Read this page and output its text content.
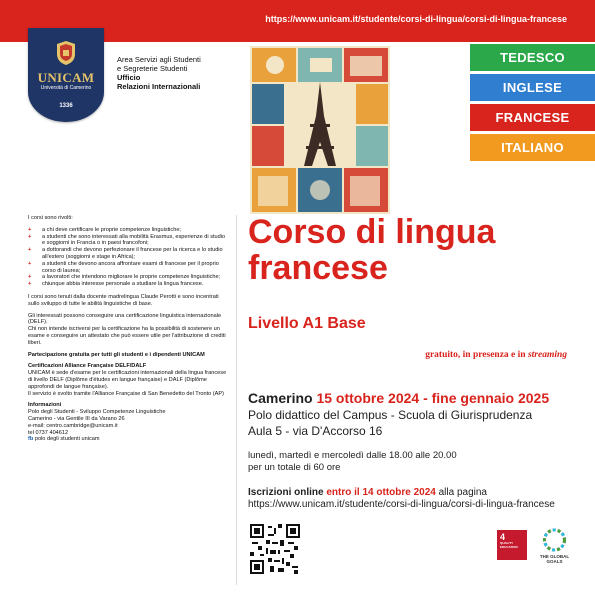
https://www.unicam.it/studente/corsi-di-lingua/corsi-di-lingua-francese
UNICAM
Università di Camerino
1336
Area Servizi agli Studenti
e Segreterie Studenti
Ufficio
Relazioni Internazionali
TEDESCO
INGLESE
FRANCESE
ITALIANO

I corsi sono rivolti:

+ a chi deve certificare le proprie competenze linguistiche;
+ a studenti che sono interessati alla mobilità Erasmus, esperienze di studio e soggiorni in Francia o in paesi francofoni;
+ a dottorandi che devono perfezionare il francese per la ricerca e lo studio all'estero (soggiorni e stage in Africa);
+ a studenti che devono ancora affrontare esami di francese per il proprio corso di laurea;
+ a lavoratori che intendono migliorare le proprie competenze linguistiche;
+ chiunque abbia interesse personale a studiare la lingua francese.

I corsi sono tenuti dalla docente madrelingua Claude Perotti e sono incentrati sullo sviluppo di tutte le abilità linguistiche di base.

Gli interessati possono conseguire una certificazione linguistica internazionale (DELF).

Chi non intende iscriversi per la certificazione ha la possibilità di sostenere un esame e conseguire un attestato che può essere utile per l'attribuzione di crediti liberi.

Partecipazione gratuita per tutti gli studenti e i dipendenti UNICAM

Certificazioni Alliance Française DELF/DALF

UNICAM è sede d'esame per le certificazioni internazionali della lingua francese di livello DELF (Diplôme d'études en langue française) e DALF (Diplôme approfondi de langue française).

Il servizio è svolto tramite l'Alliance Française di San Benedetto del Tronto (AP)

Informazioni

Polo degli Studenti - Sviluppo Competenze Linguistiche
Camerino - via Gentile III da Varano 26
e-mail: centro.cambridge@unicam.it
tel 0737 404612
fb polo degli studenti unicam
Corso di lingua
francese
Livello A1 Base
gratuito, in presenza e in streaming
Camerino 15 ottobre 2024 - fine gennaio 2025
Polo didattico del Campus - Scuola di Giurisprudenza
Aula 5 - via D'Accorso 16
lunedì, martedì e mercoledì dalle 18.00 alle 20.00
per un totale di 60 ore
Iscrizioni online entro il 14 ottobre 2024 alla pagina
https://www.unicam.it/studente/corsi-di-lingua/corsi-di-lingua-francese
4
QUALITY EDUCATION
THE GLOBAL GOALS
